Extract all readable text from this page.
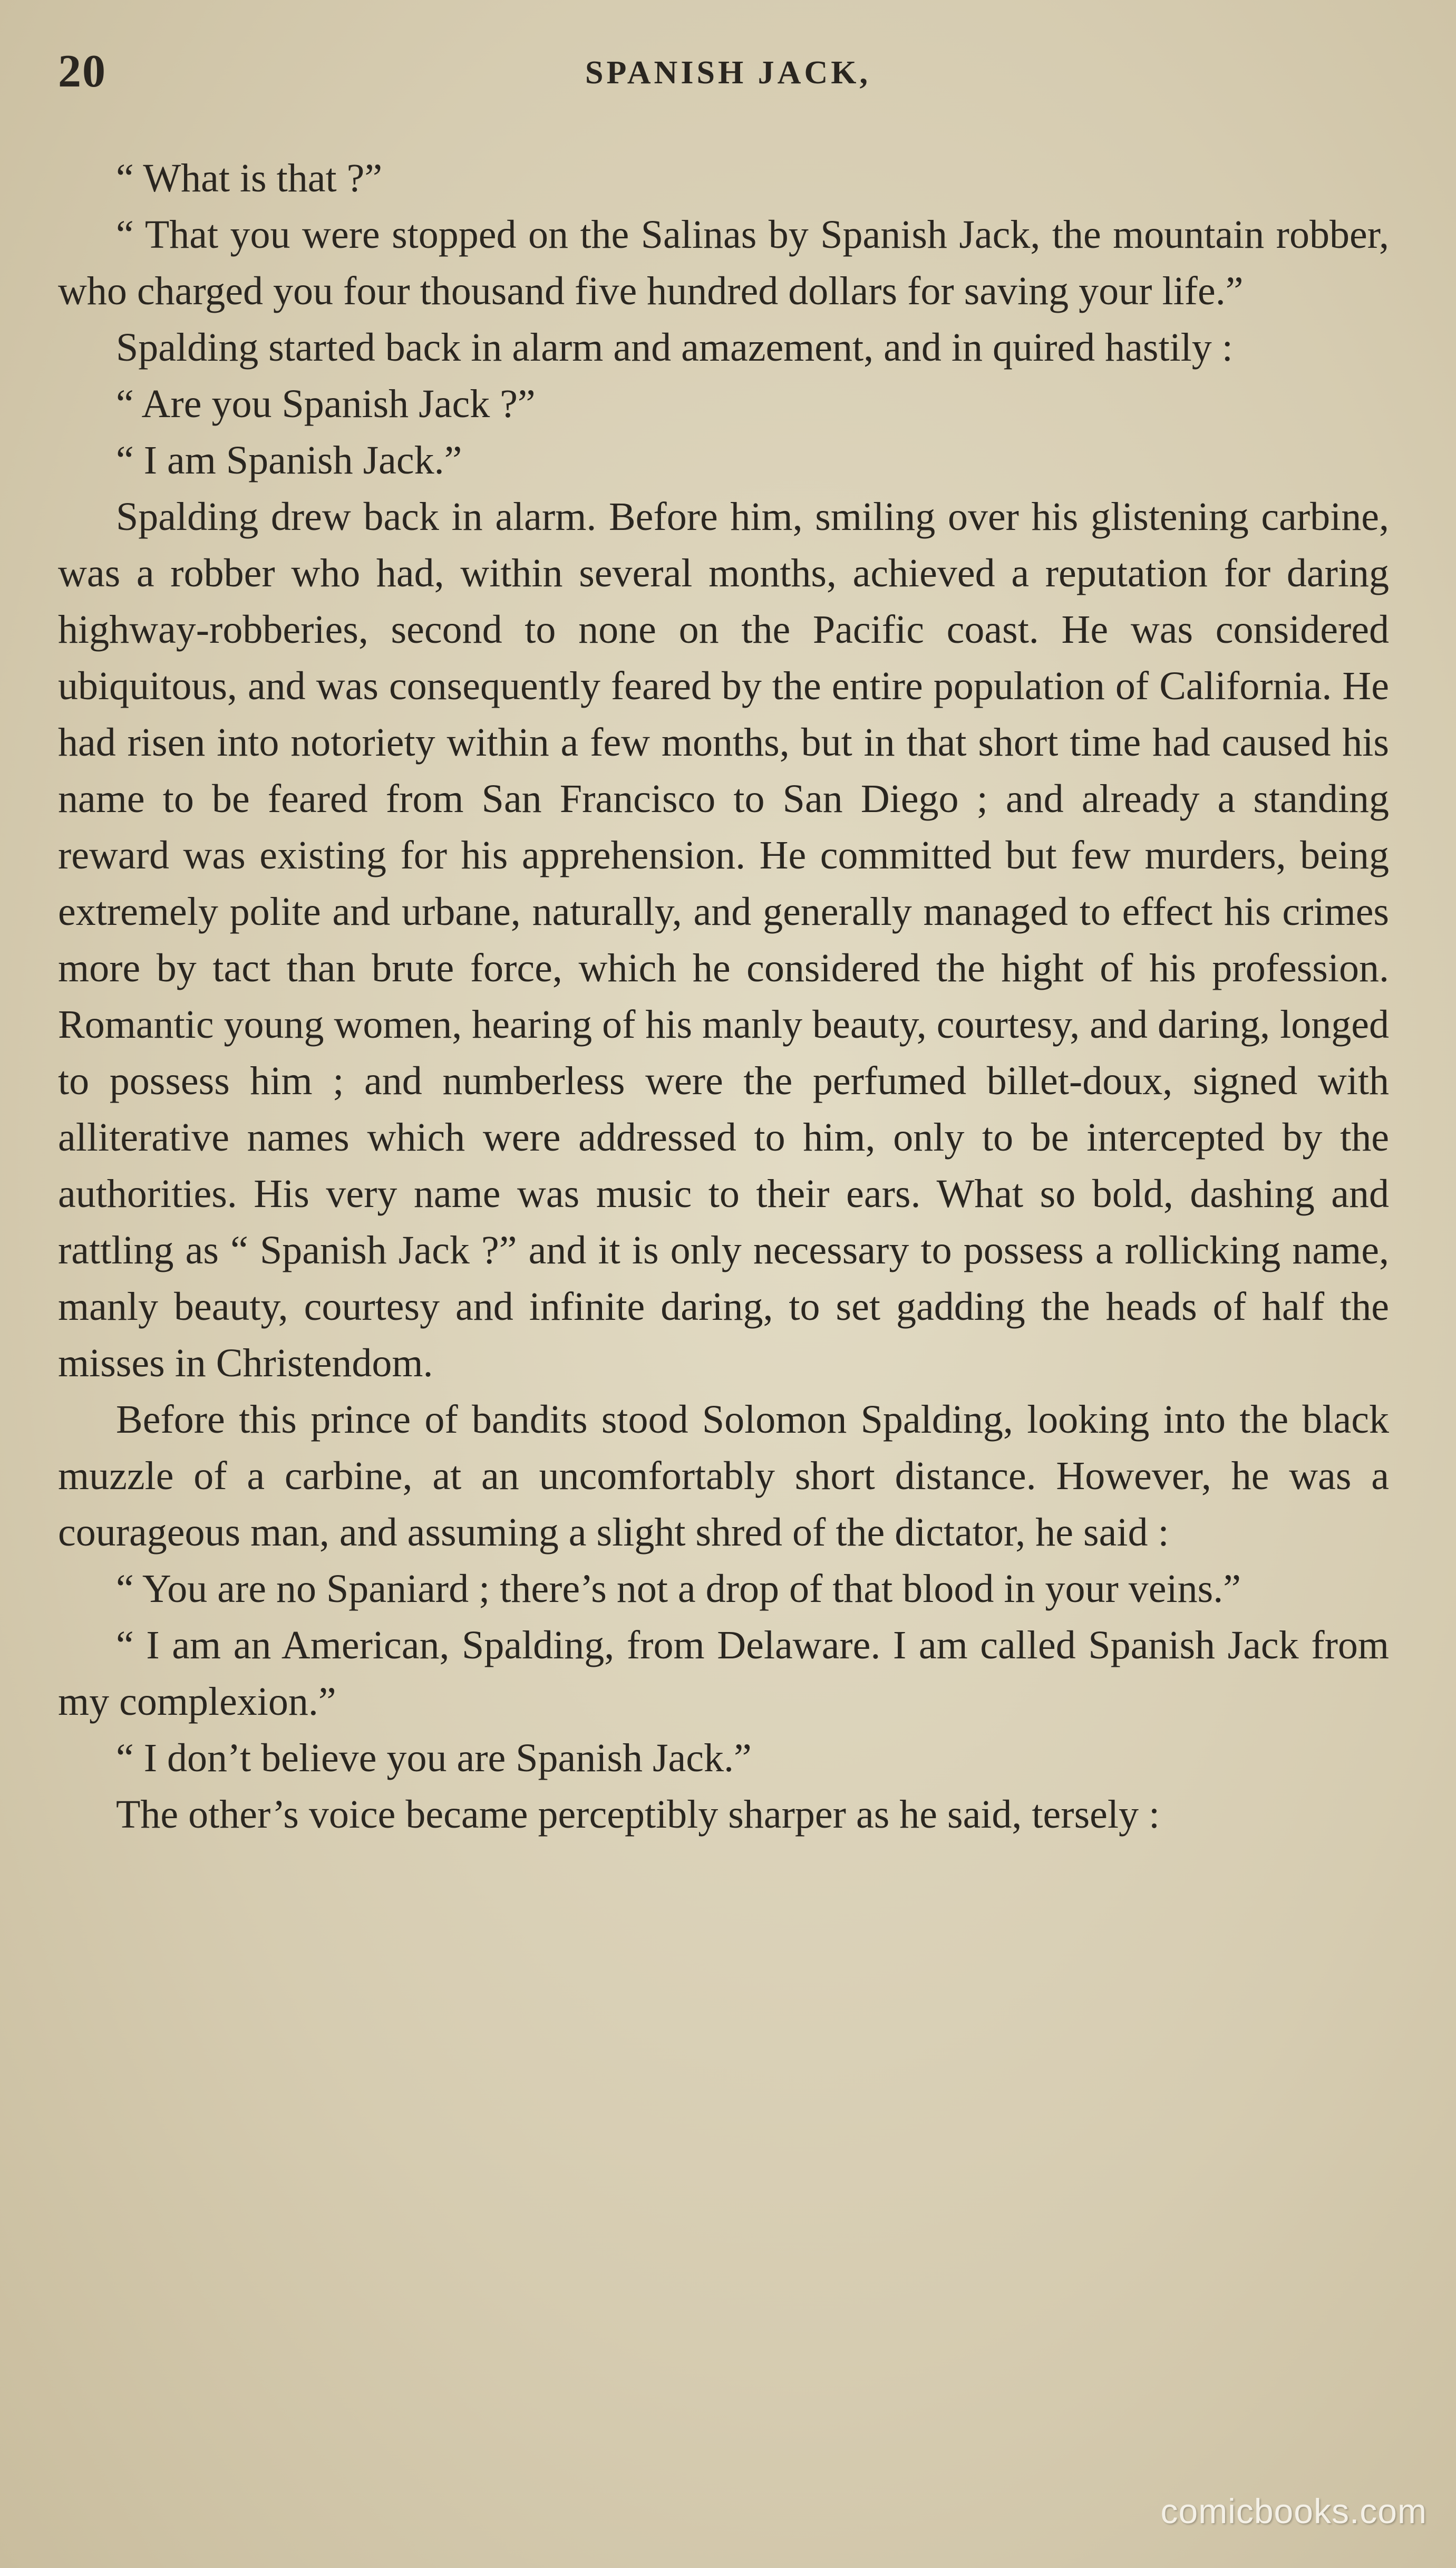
20	SPANISH JACK,

“ What is that ?”

“ That you were stopped on the Salinas by Spanish Jack, the mountain robber, who charged you four thousand five hundred dollars for saving your life.”

Spalding started back in alarm and amazement, and in quired hastily :

“ Are you Spanish Jack ?”

“ I am Spanish Jack.”

Spalding drew back in alarm. Before him, smiling over his glistening carbine, was a robber who had, within several months, achieved a reputation for daring highway-robberies, second to none on the Pacific coast. He was considered ubiquitous, and was consequently feared by the entire population of California. He had risen into notoriety within a few months, but in that short time had caused his name to be feared from San Francisco to San Diego ; and already a standing reward was existing for his apprehension. He committed but few murders, being extremely polite and urbane, naturally, and generally managed to effect his crimes more by tact than brute force, which he considered the hight of his profession. Romantic young women, hearing of his manly beauty, courtesy, and daring, longed to possess him ; and numberless were the perfumed billet-doux, signed with alliterative names which were addressed to him, only to be intercepted by the authorities. His very name was music to their ears. What so bold, dashing and rattling as “ Spanish Jack ?” and it is only necessary to possess a rollicking name, manly beauty, courtesy and infinite daring, to set gadding the heads of half the misses in Christendom.

Before this prince of bandits stood Solomon Spalding, looking into the black muzzle of a carbine, at an uncomfortably short distance. However, he was a courageous man, and assuming a slight shred of the dictator, he said :

“ You are no Spaniard ; there’s not a drop of that blood in your veins.”

“ I am an American, Spalding, from Delaware. I am called Spanish Jack from my complexion.”

“ I don’t believe you are Spanish Jack.”

The other’s voice became perceptibly sharper as he said, tersely :

comicbooks.com
